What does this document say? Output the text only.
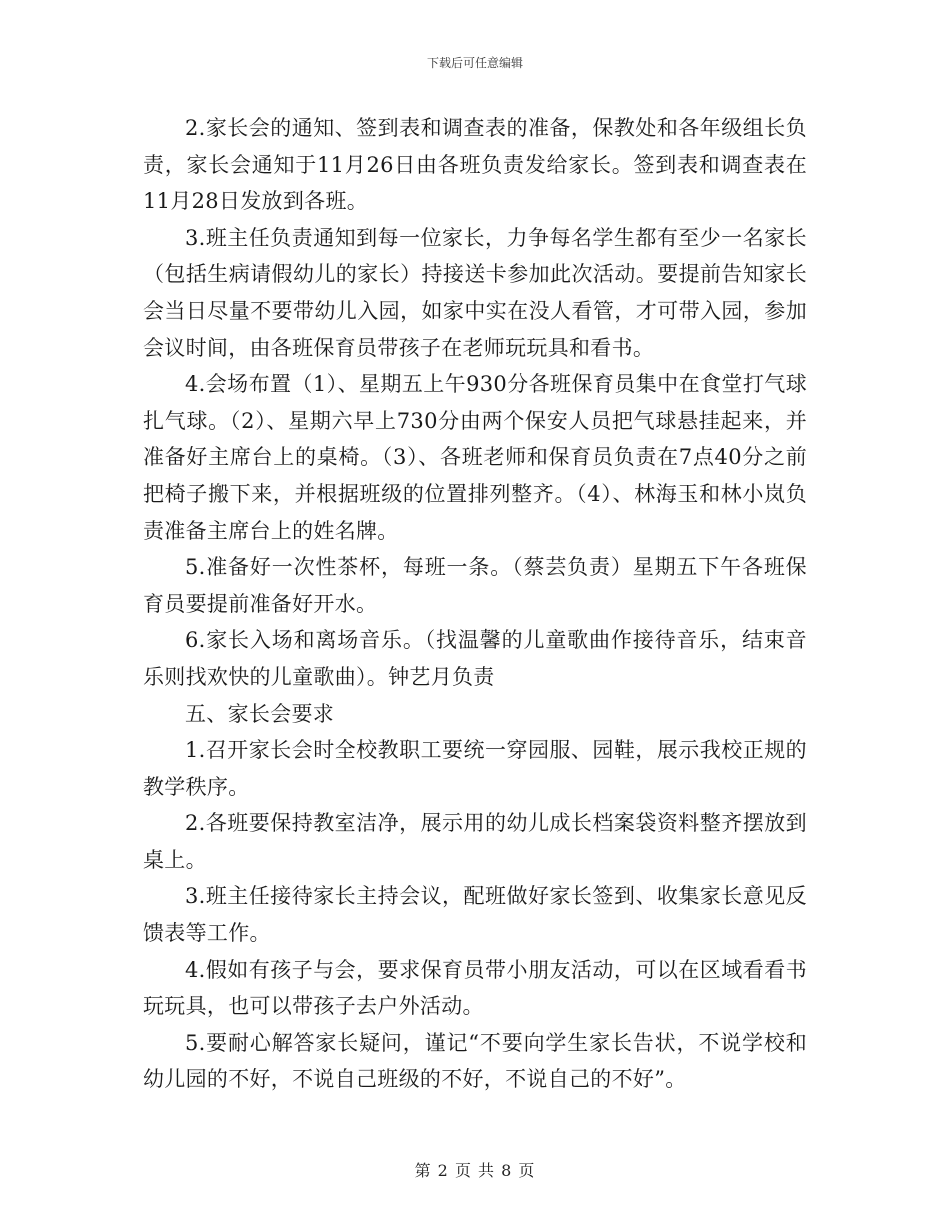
下载后可任意编辑

2.家长会的通知、签到表和调查表的准备，保教处和各年级组长负责，家长会通知于11月26日由各班负责发给家长。签到表和调查表在11月28日发放到各班。

3.班主任负责通知到每一位家长，力争每名学生都有至少一名家长（包括生病请假幼儿的家长）持接送卡参加此次活动。要提前告知家长会当日尽量不要带幼儿入园，如家中实在没人看管，才可带入园，参加会议时间，由各班保育员带孩子在老师玩玩具和看书。

4.会场布置（1）、星期五上午930分各班保育员集中在食堂打气球扎气球。（2）、星期六早上730分由两个保安人员把气球悬挂起来，并准备好主席台上的桌椅。（3）、各班老师和保育员负责在7点40分之前把椅子搬下来，并根据班级的位置排列整齐。（4）、林海玉和林小岚负责准备主席台上的姓名牌。

5.准备好一次性茶杯，每班一条。（蔡芸负责）星期五下午各班保育员要提前准备好开水。

6.家长入场和离场音乐。（找温馨的儿童歌曲作接待音乐，结束音乐则找欢快的儿童歌曲）。钟艺月负责

五、家长会要求

1.召开家长会时全校教职工要统一穿园服、园鞋，展示我校正规的教学秩序。

2.各班要保持教室洁净，展示用的幼儿成长档案袋资料整齐摆放到桌上。

3.班主任接待家长主持会议，配班做好家长签到、收集家长意见反馈表等工作。

4.假如有孩子与会，要求保育员带小朋友活动，可以在区域看看书玩玩具，也可以带孩子去户外活动。

5.要耐心解答家长疑问，谨记“不要向学生家长告状，不说学校和幼儿园的不好，不说自己班级的不好，不说自己的不好”。

第 2 页 共 8 页
